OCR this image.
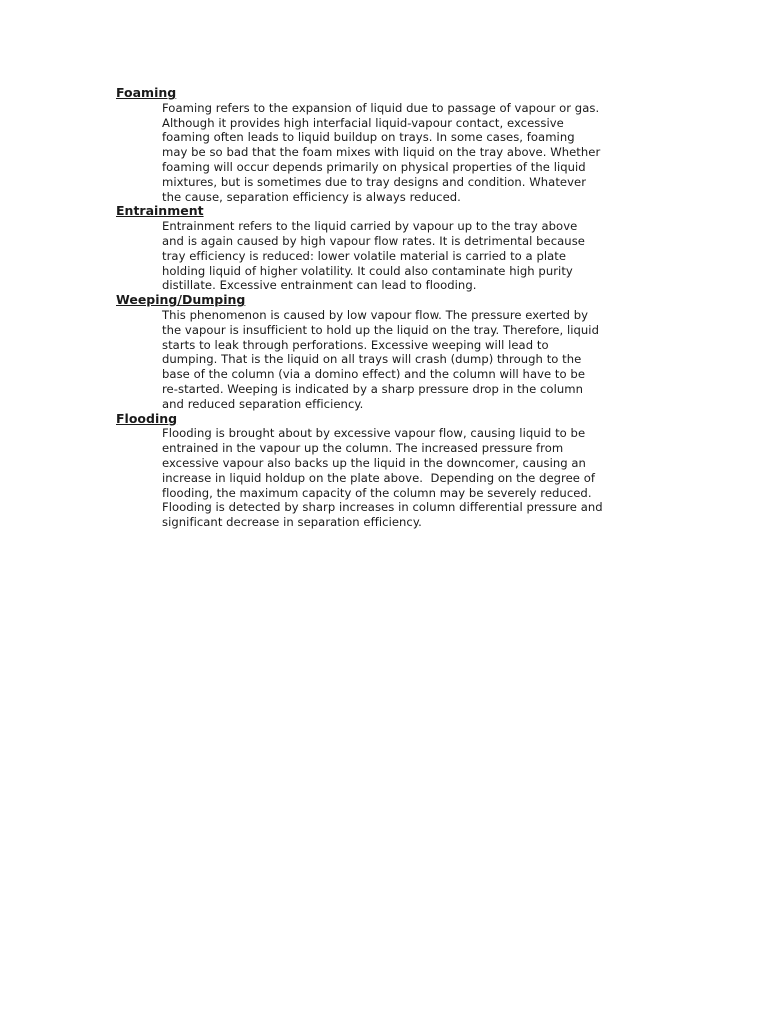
Foaming
Foaming refers to the expansion of liquid due to passage of vapour or gas.
Although it provides high interfacial liquid-vapour contact, excessive
foaming often leads to liquid buildup on trays. In some cases, foaming
may be so bad that the foam mixes with liquid on the tray above. Whether
foaming will occur depends primarily on physical properties of the liquid
mixtures, but is sometimes due to tray designs and condition. Whatever
the cause, separation efficiency is always reduced.
Entrainment
Entrainment refers to the liquid carried by vapour up to the tray above
and is again caused by high vapour flow rates. It is detrimental because
tray efficiency is reduced: lower volatile material is carried to a plate
holding liquid of higher volatility. It could also contaminate high purity
distillate. Excessive entrainment can lead to flooding.
Weeping/Dumping
This phenomenon is caused by low vapour flow. The pressure exerted by
the vapour is insufficient to hold up the liquid on the tray. Therefore, liquid
starts to leak through perforations. Excessive weeping will lead to
dumping. That is the liquid on all trays will crash (dump) through to the
base of the column (via a domino effect) and the column will have to be
re-started. Weeping is indicated by a sharp pressure drop in the column
and reduced separation efficiency.
Flooding
Flooding is brought about by excessive vapour flow, causing liquid to be
entrained in the vapour up the column. The increased pressure from
excessive vapour also backs up the liquid in the downcomer, causing an
increase in liquid holdup on the plate above.  Depending on the degree of
flooding, the maximum capacity of the column may be severely reduced.
Flooding is detected by sharp increases in column differential pressure and
significant decrease in separation efficiency.
